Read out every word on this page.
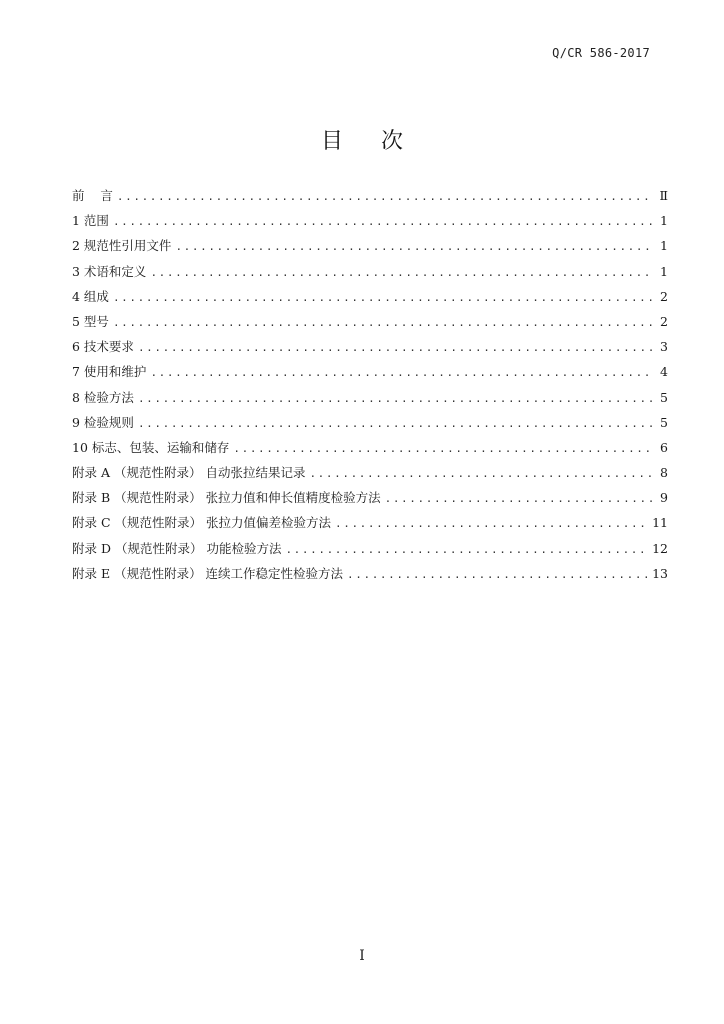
Q/CR 586-2017
目次
前    言 .....	Ⅱ
1 范围 .....	1
2 规范性引用文件 .....	1
3 术语和定义 .....	1
4 组成 .....	2
5 型号 .....	2
6 技术要求 .....	3
7 使用和维护 .....	4
8 检验方法 .....	5
9 检验规则 .....	5
10 标志、包装、运输和储存 .....	6
附录 A （规范性附录） 自动张拉结果记录 .....	8
附录 B （规范性附录） 张拉力值和伸长值精度检验方法 .....	9
附录 C （规范性附录） 张拉力值偏差检验方法 .....	11
附录 D （规范性附录） 功能检验方法 .....	12
附录 E （规范性附录） 连续工作稳定性检验方法 .....	13
I
